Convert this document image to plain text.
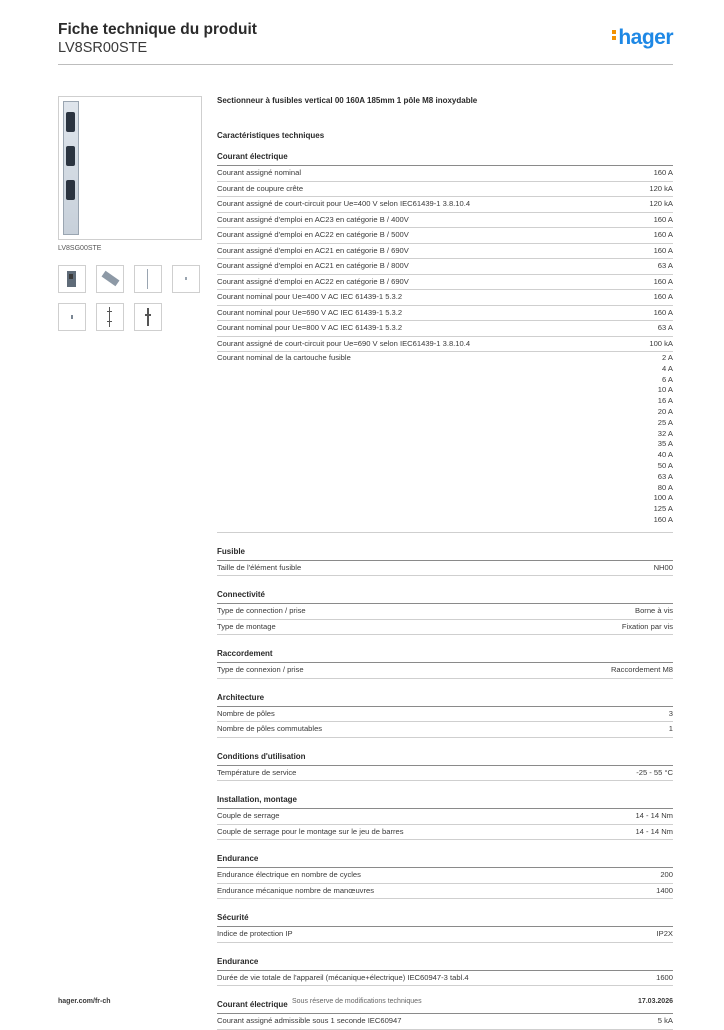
Fiche technique du produit
LV8SR00STE	hager
LV8SG00STE
Sectionneur à fusibles vertical 00 160A 185mm 1 pôle M8 inoxydable
Caractéristiques techniques
Courant électrique
Courant assigné nominal	160 A
Courant de coupure crête	120 kA
Courant assigné de court-circuit pour Ue=400 V selon IEC61439-1 3.8.10.4	120 kA
Courant assigné d'emploi en AC23 en catégorie B / 400V	160 A
Courant assigné d'emploi en AC22 en catégorie B / 500V	160 A
Courant assigné d'emploi en AC21 en catégorie B / 690V	160 A
Courant assigné d'emploi en AC21 en catégorie B / 800V	63 A
Courant assigné d'emploi en AC22 en catégorie B / 690V	160 A
Courant nominal pour Ue=400 V AC IEC 61439-1 5.3.2	160 A
Courant nominal pour Ue=690 V AC IEC 61439-1 5.3.2	160 A
Courant nominal pour Ue=800 V AC IEC 61439-1 5.3.2	63 A
Courant assigné de court-circuit pour Ue=690 V selon IEC61439-1 3.8.10.4	100 kA
Courant nominal de la cartouche fusible	2 A
4 A
6 A
10 A
16 A
20 A
25 A
32 A
35 A
40 A
50 A
63 A
80 A
100 A
125 A
160 A
Fusible
Taille de l'élément fusible	NH00
Connectivité
Type de connection / prise	Borne à vis
Type de montage	Fixation par vis
Raccordement
Type de connexion / prise	Raccordement M8
Architecture
Nombre de pôles	3
Nombre de pôles commutables	1
Conditions d'utilisation
Température de service	-25 - 55 °C
Installation, montage
Couple de serrage	14 - 14 Nm
Couple de serrage pour le montage sur le jeu de barres	14 - 14 Nm
Endurance
Endurance électrique en nombre de cycles	200
Endurance mécanique nombre de manœuvres	1400
Sécurité
Indice de protection IP	IP2X
Endurance
Durée de vie totale de l'appareil (mécanique+électrique) IEC60947-3 tabl.4	1600
Courant électrique
Courant assigné admissible sous 1 seconde IEC60947	5 kA
hager.com/fr-ch	Sous réserve de modifications techniques	17.03.2026
